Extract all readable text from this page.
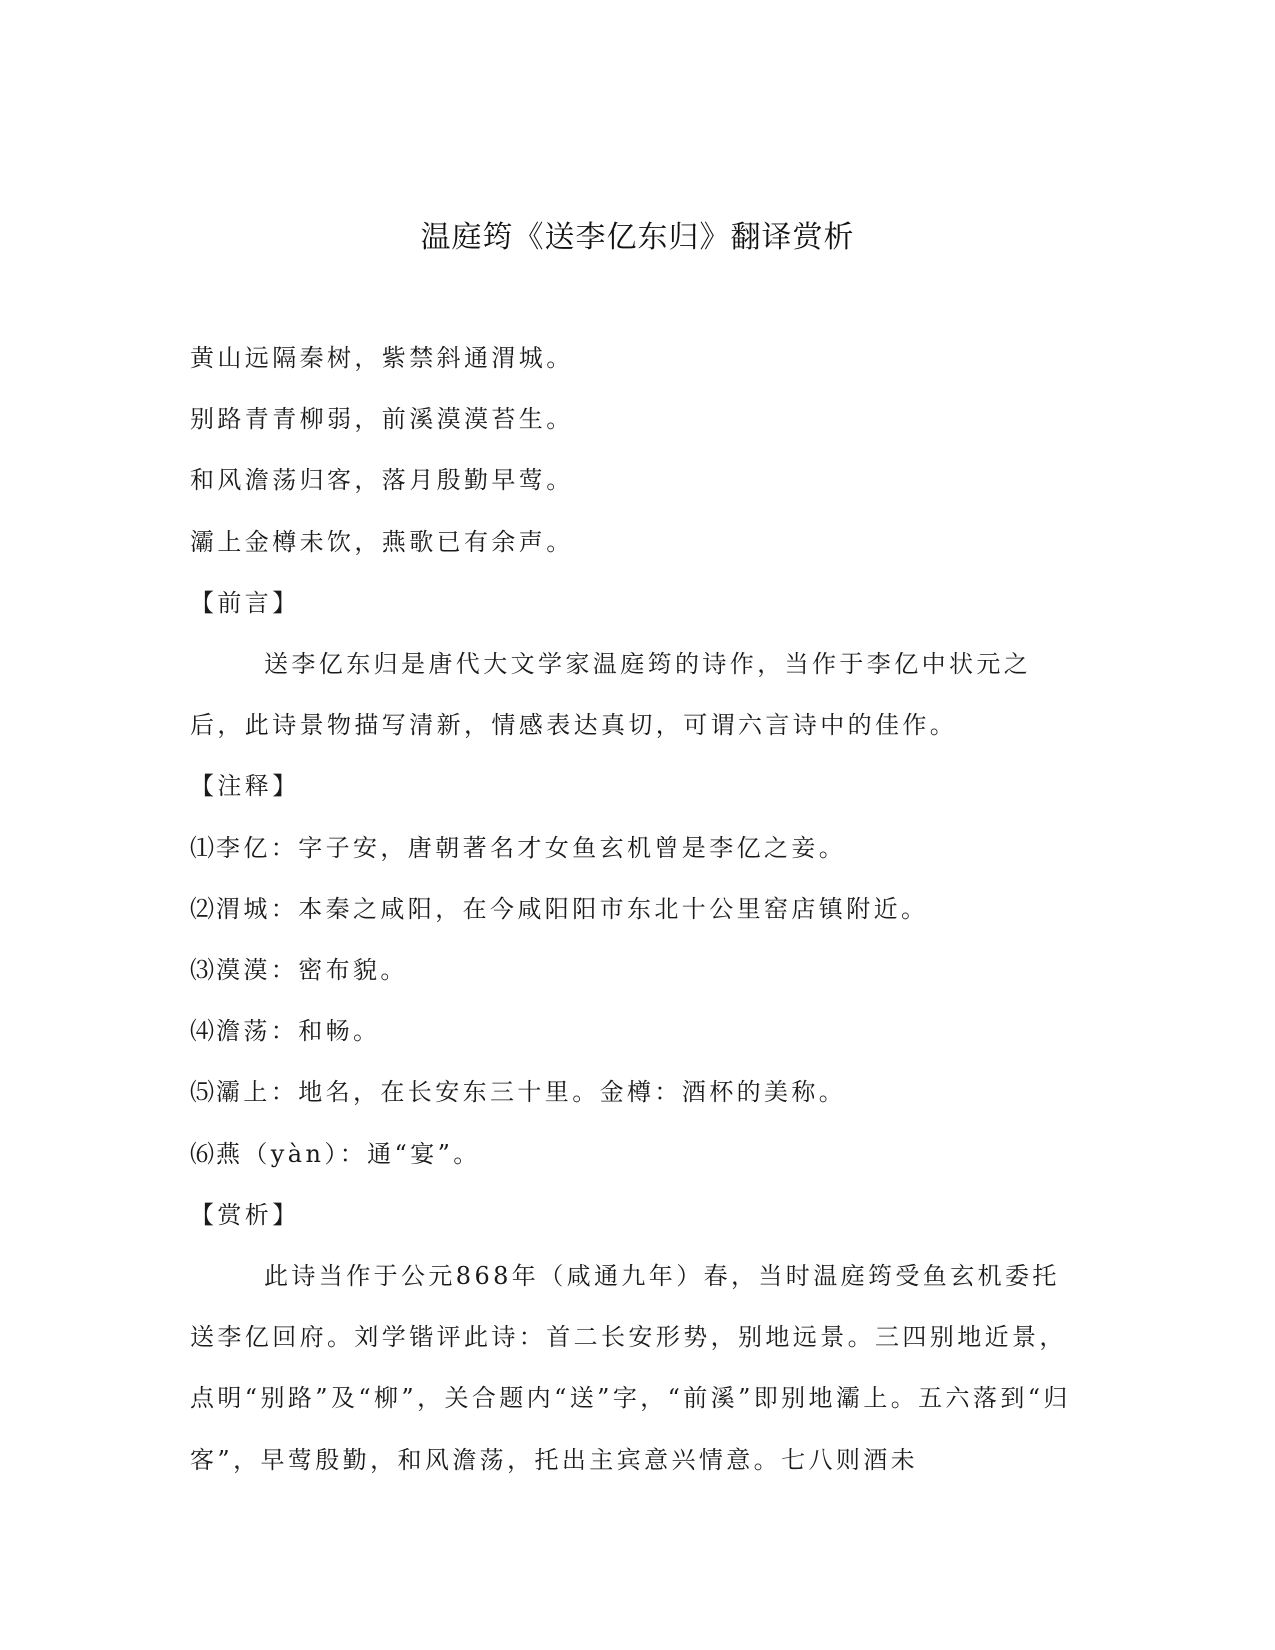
温庭筠《送李亿东归》翻译赏析

黄山远隔秦树，紫禁斜通渭城。

别路青青柳弱，前溪漠漠苔生。

和风澹荡归客，落月殷勤早莺。

灞上金樽未饮，燕歌已有余声。

【前言】

送李亿东归是唐代大文学家温庭筠的诗作，当作于李亿中状元之后，此诗景物描写清新，情感表达真切，可谓六言诗中的佳作。

【注释】

⑴李亿：字子安，唐朝著名才女鱼玄机曾是李亿之妾。

⑵渭城：本秦之咸阳，在今咸阳阳市东北十公里窑店镇附近。

⑶漠漠：密布貌。

⑷澹荡：和畅。

⑸灞上：地名，在长安东三十里。金樽：酒杯的美称。

⑹燕（yàn）：通“宴”。

【赏析】

此诗当作于公元868年（咸通九年）春，当时温庭筠受鱼玄机委托送李亿回府。刘学锴评此诗：首二长安形势，别地远景。三四别地近景，点明“别路”及“柳”，关合题内“送”字，“前溪”即别地灞上。五六落到“归客”，早莺殷勤，和风澹荡，托出主宾意兴情意。七八则酒未
